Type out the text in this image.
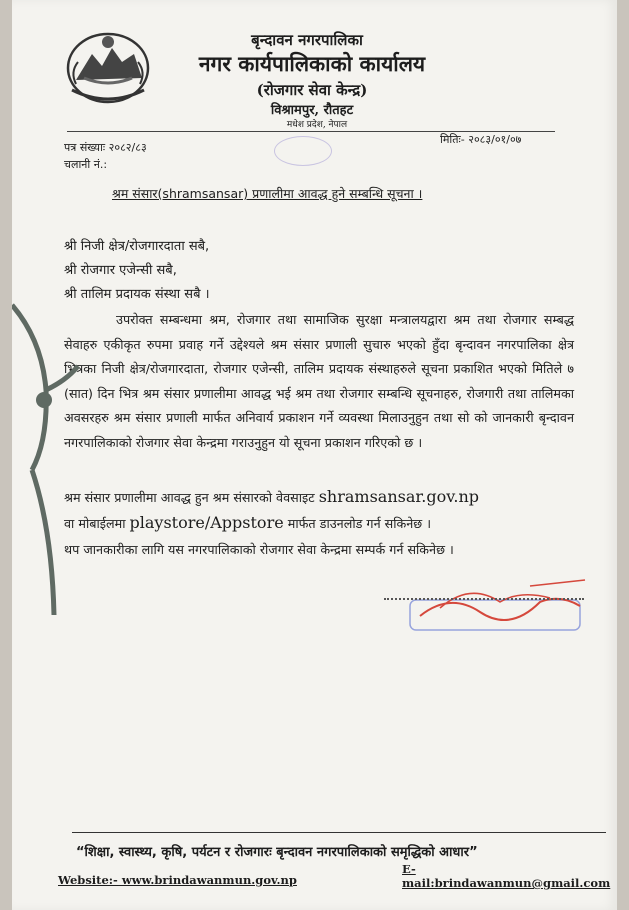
बृन्दावन नगरपालिका
नगर कार्यपालिकाको कार्यालय
(रोजगार सेवा केन्द्र)
विश्रामपुर, रौतहट
मधेश प्रदेश, नेपाल
पत्र संख्याः २०८२/८३
चलानी नं.:
मितिः- २०८३/०१/०७
श्रम संसार(shramsansar) प्रणालीमा आवद्ध हुने सम्बन्धि सूचना ।
श्री निजी क्षेत्र/रोजगारदाता सबै,
श्री रोजगार एजेन्सी सबै,
श्री तालिम प्रदायक संस्था सबै ।
उपरोक्त सम्बन्धमा श्रम, रोजगार तथा सामाजिक सुरक्षा मन्त्रालयद्वारा श्रम तथा रोजगार सम्बद्ध सेवाहरु एकीकृत रुपमा प्रवाह गर्ने उद्देश्यले श्रम संसार प्रणाली सुचारु भएको हुँदा बृन्दावन नगरपालिका क्षेत्र भित्रका निजी क्षेत्र/रोजगारदाता, रोजगार एजेन्सी, तालिम प्रदायक संस्थाहरुले सूचना प्रकाशित भएको मितिले ७ (सात) दिन भित्र श्रम संसार प्रणालीमा आवद्ध भई श्रम तथा रोजगार सम्बन्धि सूचनाहरु, रोजगारी तथा तालिमका अवसरहरु श्रम संसार प्रणाली मार्फत अनिवार्य प्रकाशन गर्ने व्यवस्था मिलाउनुहुन तथा सो को जानकारी बृन्दावन नगरपालिकाको रोजगार सेवा केन्द्रमा गराउनुहुन यो सूचना प्रकाशन गरिएको छ ।
श्रम संसार प्रणालीमा आवद्ध हुन श्रम संसारको वेवसाइट shramsansar.gov.np
वा मोबाईलमा playstore/Appstore मार्फत डाउनलोड गर्न सकिनेछ ।
थप जानकारीका लागि यस नगरपालिकाको रोजगार सेवा केन्द्रमा सम्पर्क गर्न सकिनेछ ।
“शिक्षा, स्वास्थ्य, कृषि, पर्यटन र रोजगारः बृन्दावन नगरपालिकाको समृद्धिको आधार”
Website:- www.brindawanmun.gov.np
E-mail:brindawanmun@gmail.com
